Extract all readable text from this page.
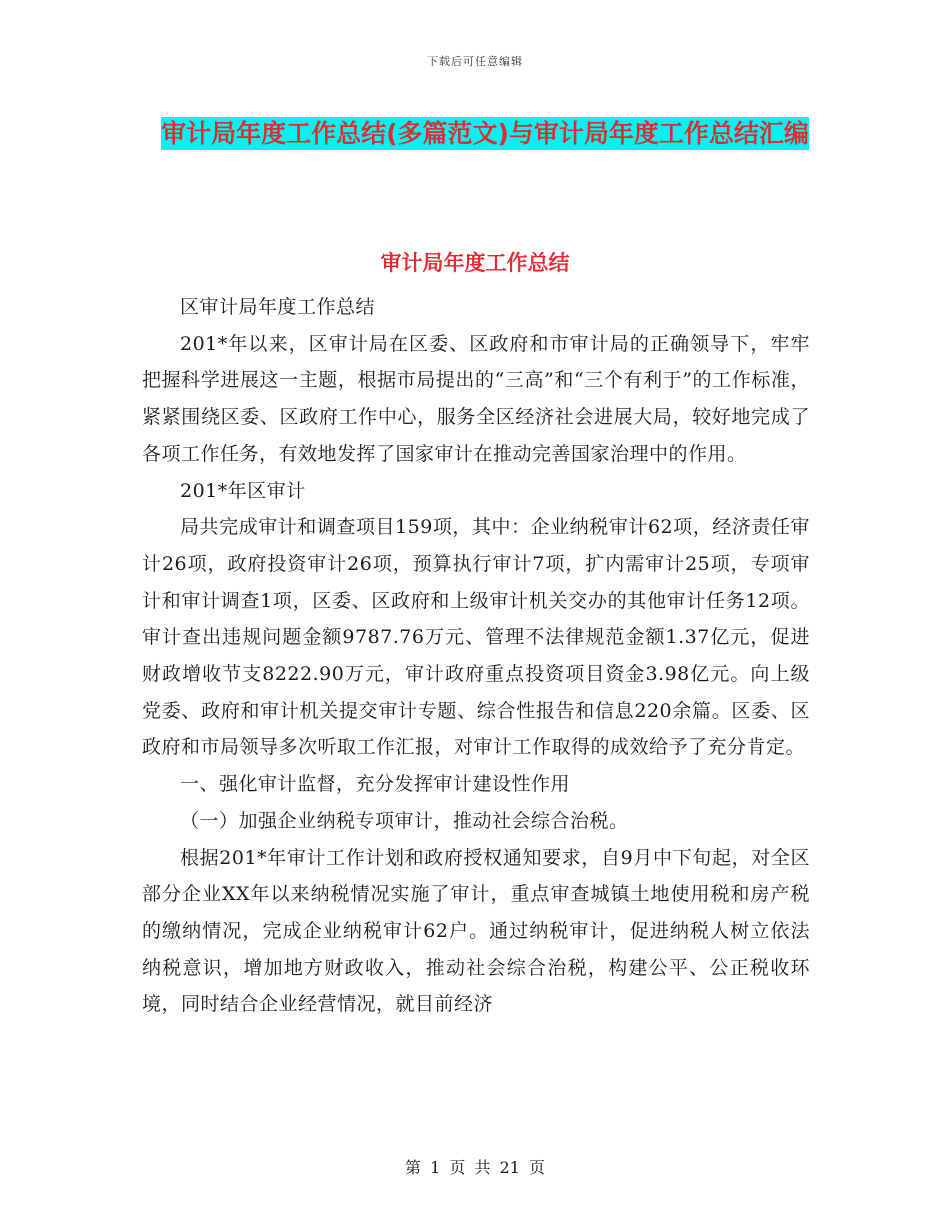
下载后可任意编辑
审计局年度工作总结(多篇范文)与审计局年度工作总结汇编
审计局年度工作总结

区审计局年度工作总结

201*年以来，区审计局在区委、区政府和市审计局的正确领导下，牢牢把握科学进展这一主题，根据市局提出的“三高”和“三个有利于”的工作标准，紧紧围绕区委、区政府工作中心，服务全区经济社会进展大局，较好地完成了各项工作任务，有效地发挥了国家审计在推动完善国家治理中的作用。

201*年区审计

局共完成审计和调查项目159项，其中：企业纳税审计62项，经济责任审计26项，政府投资审计26项，预算执行审计7项，扩内需审计25项，专项审计和审计调查1项，区委、区政府和上级审计机关交办的其他审计任务12项。审计查出违规问题金额9787.76万元、管理不法律规范金额1.37亿元，促进财政增收节支8222.90万元，审计政府重点投资项目资金3.98亿元。向上级党委、政府和审计机关提交审计专题、综合性报告和信息220余篇。区委、区政府和市局领导多次听取工作汇报，对审计工作取得的成效给予了充分肯定。

一、强化审计监督，充分发挥审计建设性作用

（一）加强企业纳税专项审计，推动社会综合治税。

根据201*年审计工作计划和政府授权通知要求，自9月中下旬起，对全区部分企业XX年以来纳税情况实施了审计，重点审查城镇土地使用税和房产税的缴纳情况，完成企业纳税审计62户。通过纳税审计，促进纳税人树立依法纳税意识，增加地方财政收入，推动社会综合治税，构建公平、公正税收环境，同时结合企业经营情况，就目前经济

第 1 页 共 21 页
